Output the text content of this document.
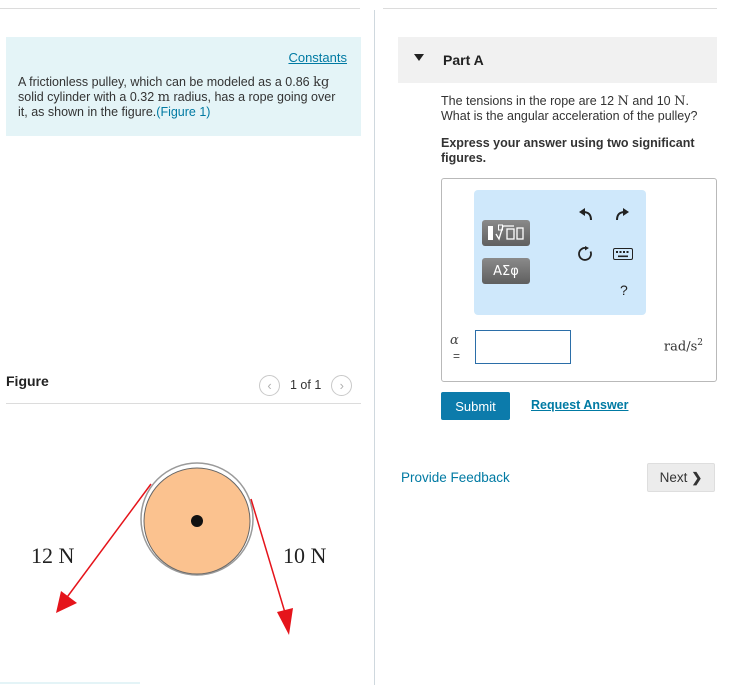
Constants
A frictionless pulley, which can be modeled as a 0.86 kg solid cylinder with a 0.32 m radius, has a rope going over it, as shown in the figure.(Figure 1)
Figure	‹ 1 of 1 ›
12 N	10 N
Part A
The tensions in the rope are 12 N and 10 N. What is the angular acceleration of the pulley?
Express your answer using two significant figures.
ΑΣφ
?
α
=
rad/$s^2$
Submit	Request Answer
Provide Feedback	Next ❯
